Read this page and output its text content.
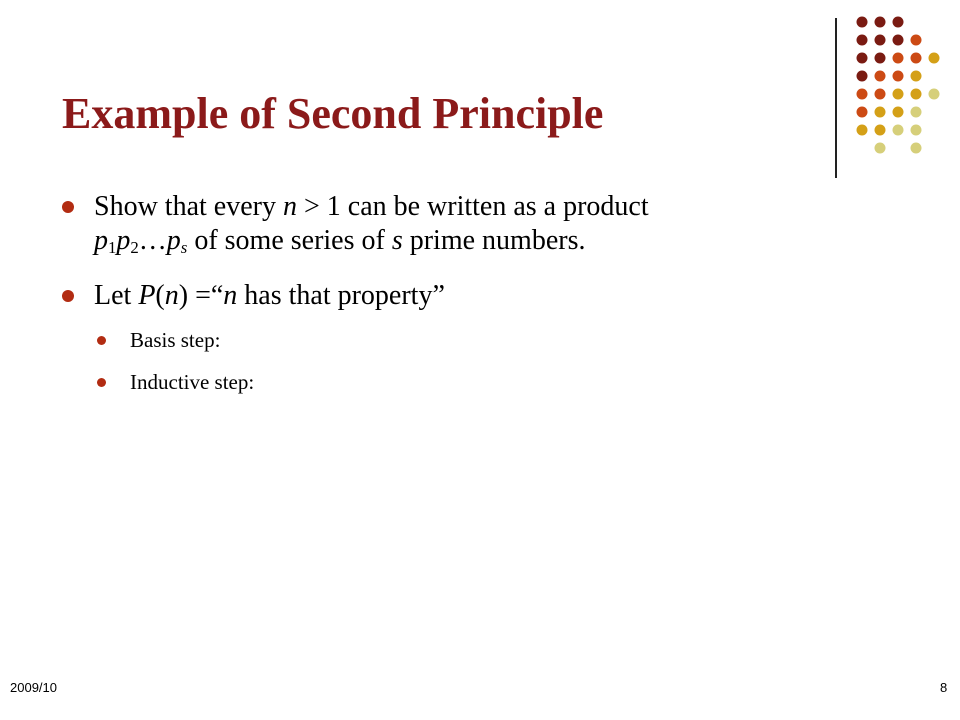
Example of Second Principle
Show that every n > 1 can be written as a product
$p_1p_2\dots p_s$ of some series of s prime numbers.
Let P(n) =“n has that property”
Basis step:
Inductive step:
2009/10	8
